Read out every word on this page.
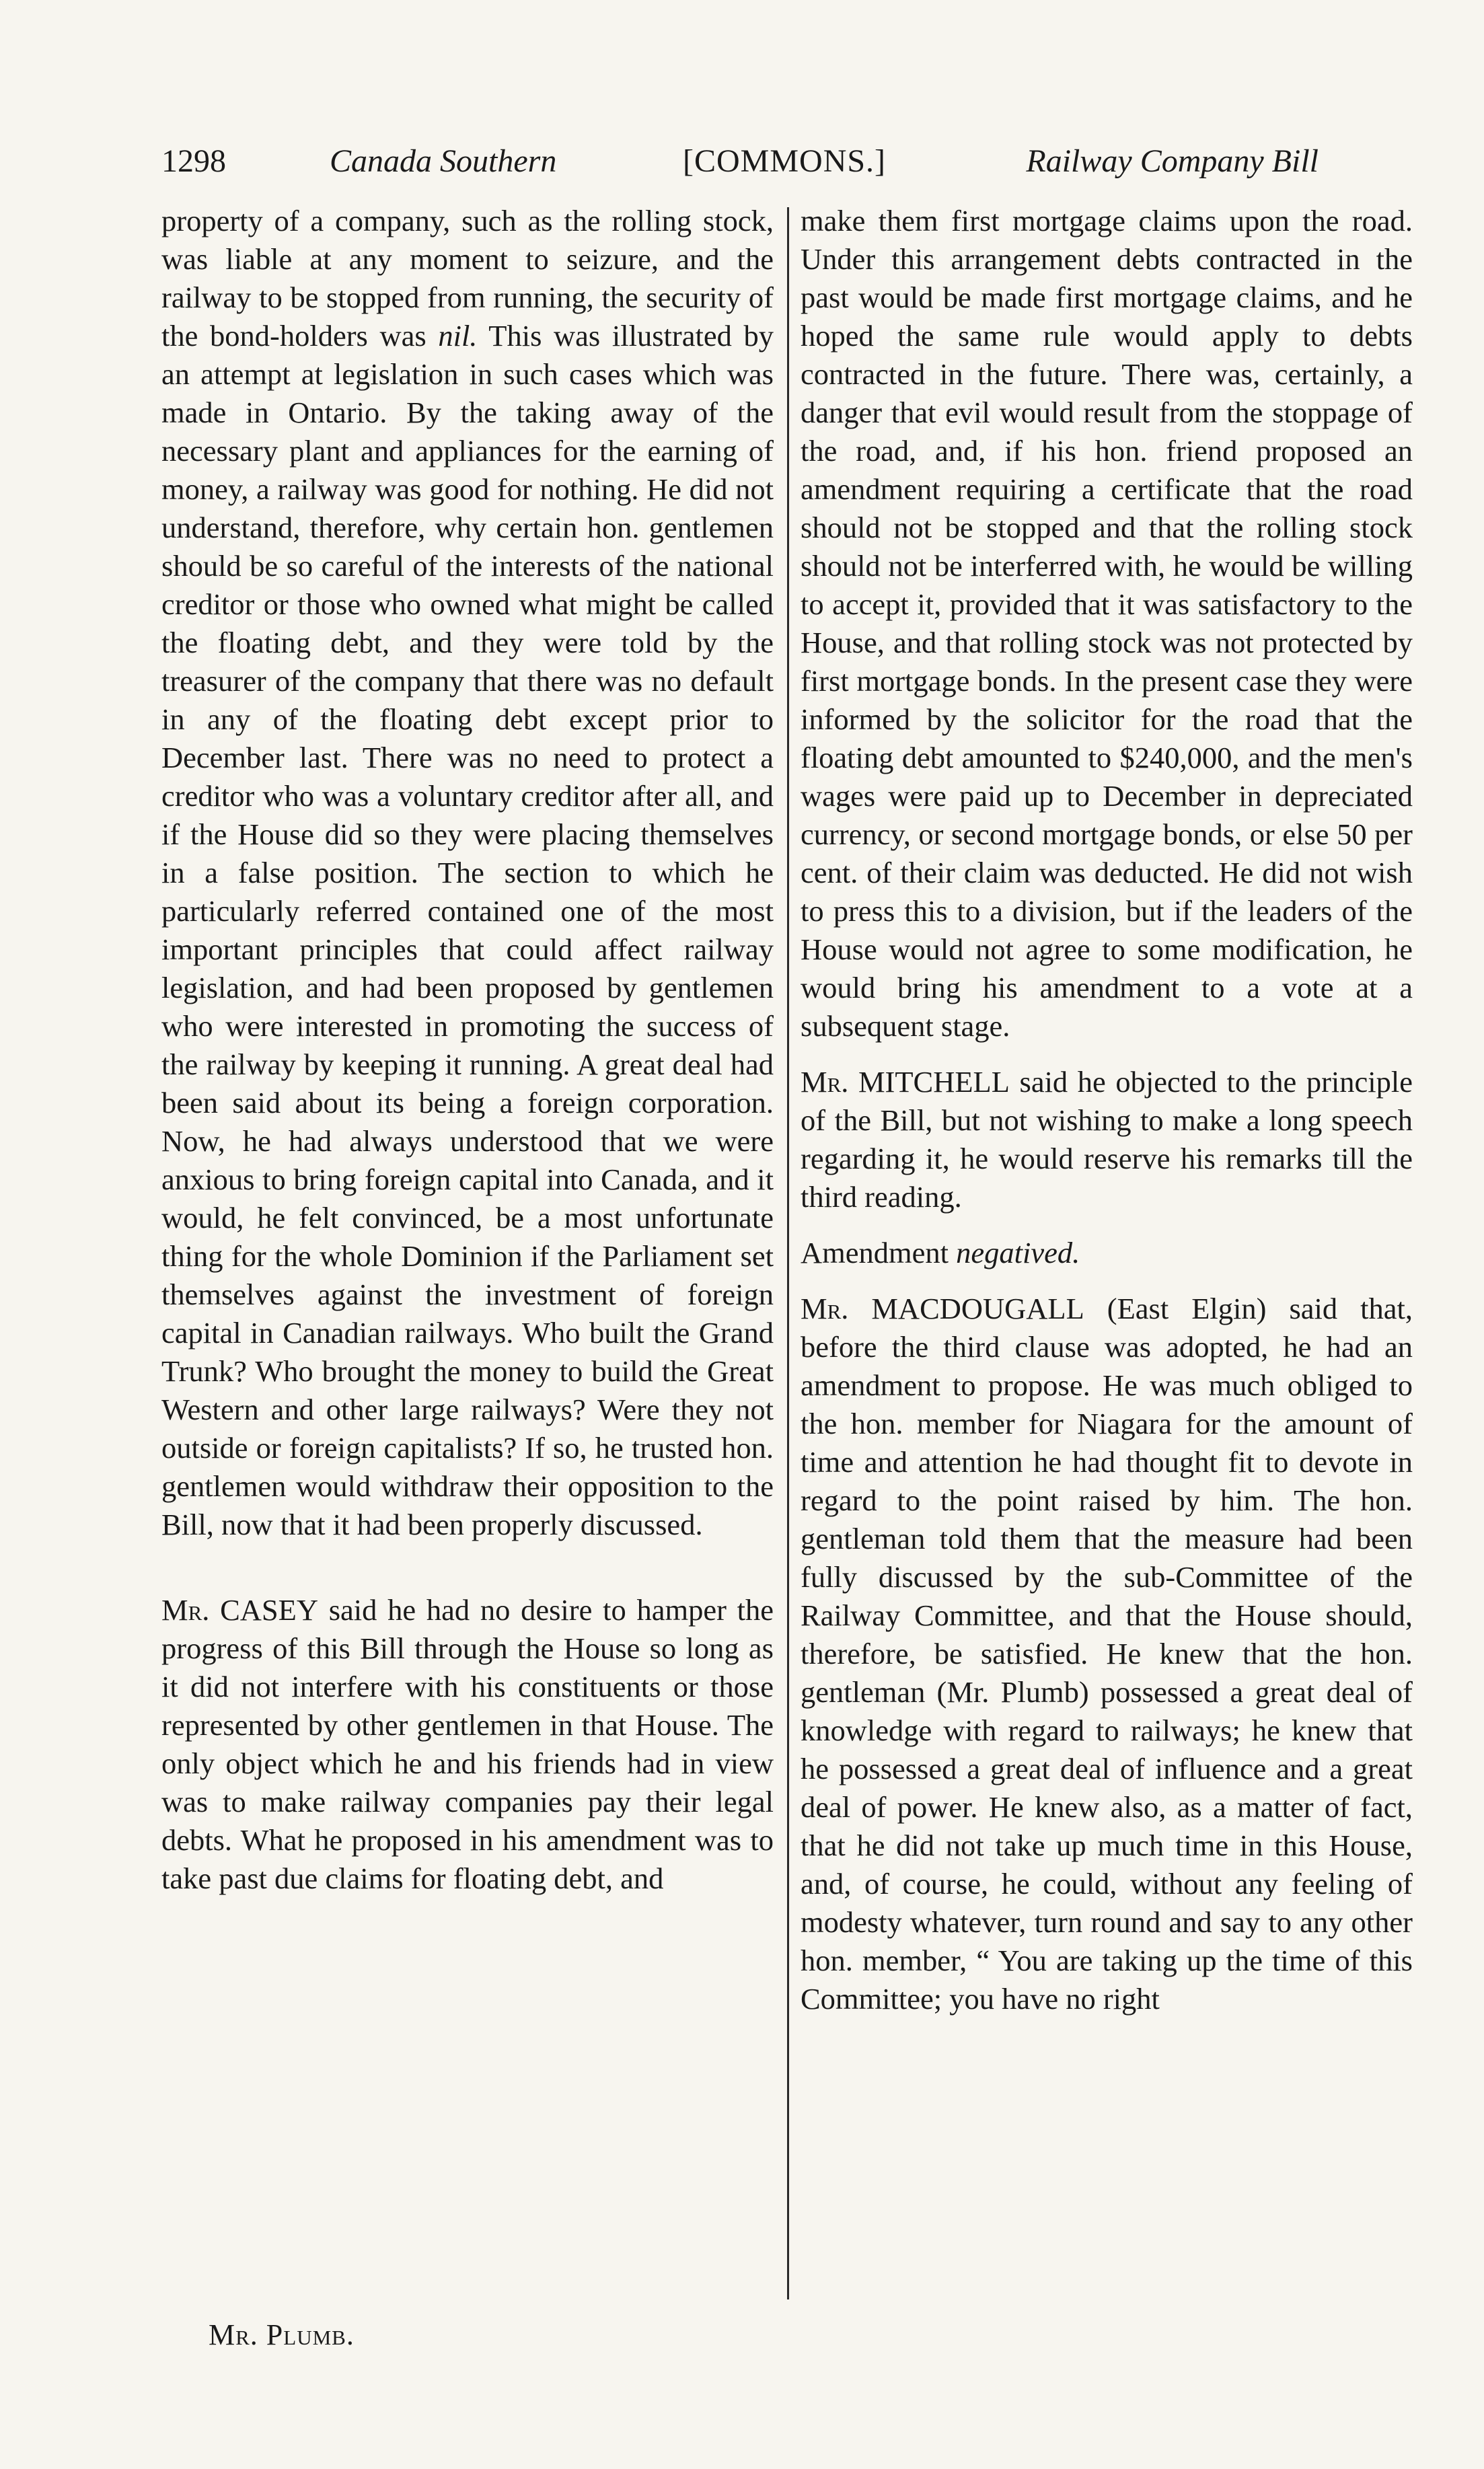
1298	Canada Southern	[COMMONS.]	Railway Company Bill

property of a company, such as the rolling stock, was liable at any moment to seizure, and the railway to be stopped from running, the security of the bond-holders was nil. This was illustrated by an attempt at legislation in such cases which was made in Ontario. By the taking away of the necessary plant and appliances for the earning of money, a railway was good for nothing. He did not understand, therefore, why certain hon. gentlemen should be so careful of the interests of the national creditor or those who owned what might be called the floating debt, and they were told by the treasurer of the company that there was no default in any of the floating debt except prior to December last. There was no need to protect a creditor who was a voluntary creditor after all, and if the House did so they were placing themselves in a false position. The section to which he particularly referred contained one of the most important principles that could affect railway legislation, and had been proposed by gentlemen who were interested in promoting the success of the railway by keeping it running. A great deal had been said about its being a foreign corporation. Now, he had always understood that we were anxious to bring foreign capital into Canada, and it would, he felt convinced, be a most unfortunate thing for the whole Dominion if the Parliament set themselves against the investment of foreign capital in Canadian railways. Who built the Grand Trunk? Who brought the money to build the Great Western and other large railways? Were they not outside or foreign capitalists? If so, he trusted hon. gentlemen would withdraw their opposition to the Bill, now that it had been properly discussed.

Mr. CASEY said he had no desire to hamper the progress of this Bill through the House so long as it did not interfere with his constituents or those represented by other gentlemen in that House. The only object which he and his friends had in view was to make railway companies pay their legal debts. What he proposed in his amendment was to take past due claims for floating debt, and

make them first mortgage claims upon the road. Under this arrangement debts contracted in the past would be made first mortgage claims, and he hoped the same rule would apply to debts contracted in the future. There was, certainly, a danger that evil would result from the stoppage of the road, and, if his hon. friend proposed an amendment requiring a certificate that the road should not be stopped and that the rolling stock should not be interferred with, he would be willing to accept it, provided that it was satisfactory to the House, and that rolling stock was not protected by first mortgage bonds. In the present case they were informed by the solicitor for the road that the floating debt amounted to $240,000, and the men's wages were paid up to December in depreciated currency, or second mortgage bonds, or else 50 per cent. of their claim was deducted. He did not wish to press this to a division, but if the leaders of the House would not agree to some modification, he would bring his amendment to a vote at a subsequent stage.

Mr. MITCHELL said he objected to the principle of the Bill, but not wishing to make a long speech regarding it, he would reserve his remarks till the third reading.

Amendment negatived.

Mr. MACDOUGALL (East Elgin) said that, before the third clause was adopted, he had an amendment to propose. He was much obliged to the hon. member for Niagara for the amount of time and attention he had thought fit to devote in regard to the point raised by him. The hon. gentleman told them that the measure had been fully discussed by the sub-Committee of the Railway Committee, and that the House should, therefore, be satisfied. He knew that the hon. gentleman (Mr. Plumb) possessed a great deal of knowledge with regard to railways; he knew that he possessed a great deal of influence and a great deal of power. He knew also, as a matter of fact, that he did not take up much time in this House, and, of course, he could, without any feeling of modesty whatever, turn round and say to any other hon. member, “ You are taking up the time of this Committee; you have no right

Mr. Plumb.
